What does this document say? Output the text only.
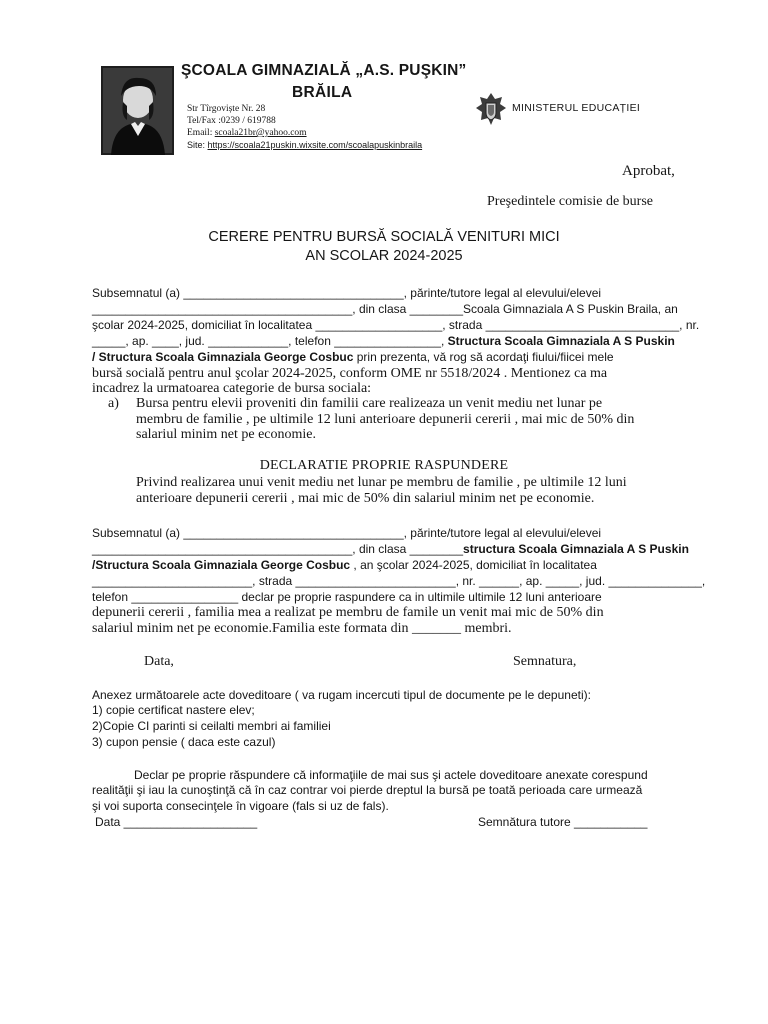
ŞCOALA GIMNAZIALĂ „A.S. PUŞKIN”
BRĂILA
Str Tîrgoviște Nr. 28
Tel/Fax :0239 / 619788
Email: scoala21br@yahoo.com
Site: https://scoala21puskin.wixsite.com/scoalapuskinbraila
MINISTERUL EDUCAȚIEI
Aprobat,
Preşedintele comisie de burse
CERERE PENTRU BURSĂ SOCIALĂ VENITURI MICI
AN SCOLAR 2024-2025
Subsemnatul (a) _________________________________, părinte/tutore legal al elevului/elevei
_______________________________________, din clasa ________Scoala Gimnaziala A S Puskin Braila, an
şcolar 2024-2025, domiciliat în localitatea ___________________, strada _____________________________, nr.
_____, ap. ____, jud. ____________, telefon ________________, Structura Scoala Gimnaziala A S Puskin
/ Structura Scoala Gimnaziala George Cosbuc prin prezenta, vă rog să acordaţi fiului/fiicei mele
bursă socială pentru anul şcolar 2024-2025, conform OME nr 5518/2024 . Mentionez ca ma
incadrez la urmatoarea categorie de bursa sociala:
a) Bursa pentru elevii proveniti din familii care realizeaza un venit mediu net lunar pe
membru de familie , pe ultimile 12 luni anterioare depunerii cererii , mai mic de 50% din
salariul minim net pe economie.
DECLARATIE PROPRIE RASPUNDERE
Privind realizarea unui venit mediu net lunar pe membru de familie , pe ultimile 12 luni
anterioare depunerii cererii , mai mic de 50% din salariul minim net pe economie.
Subsemnatul (a) _________________________________, părinte/tutore legal al elevului/elevei
_______________________________________, din clasa ________structura Scoala Gimnaziala A S Puskin
/Structura Scoala Gimnaziala George Cosbuc , an şcolar 2024-2025, domiciliat în localitatea
________________________, strada ________________________, nr. ______, ap. _____, jud. ______________,
telefon ________________ declar pe proprie raspundere ca in ultimile ultimile 12 luni anterioare
depunerii cererii , familia mea a realizat pe membru de famile un venit mai mic de 50% din
salariul minim net pe economie.Familia este formata din _______ membri.
Data,	Semnatura,
Anexez următoarele acte doveditoare ( va rugam incercuti tipul de documente pe le depuneti):
1) copie certificat nastere elev;
2)Copie CI parinti si ceilalti membri ai familiei
3) cupon pensie ( daca este cazul)
Declar pe proprie răspundere că informaţiile de mai sus şi actele doveditoare anexate corespund
realităţii şi iau la cunoştinţă că în caz contrar voi pierde dreptul la bursă pe toată perioada care urmează
şi voi suporta consecinţele în vigoare (fals si uz de fals).
Data ____________________	Semnătura tutore ___________
